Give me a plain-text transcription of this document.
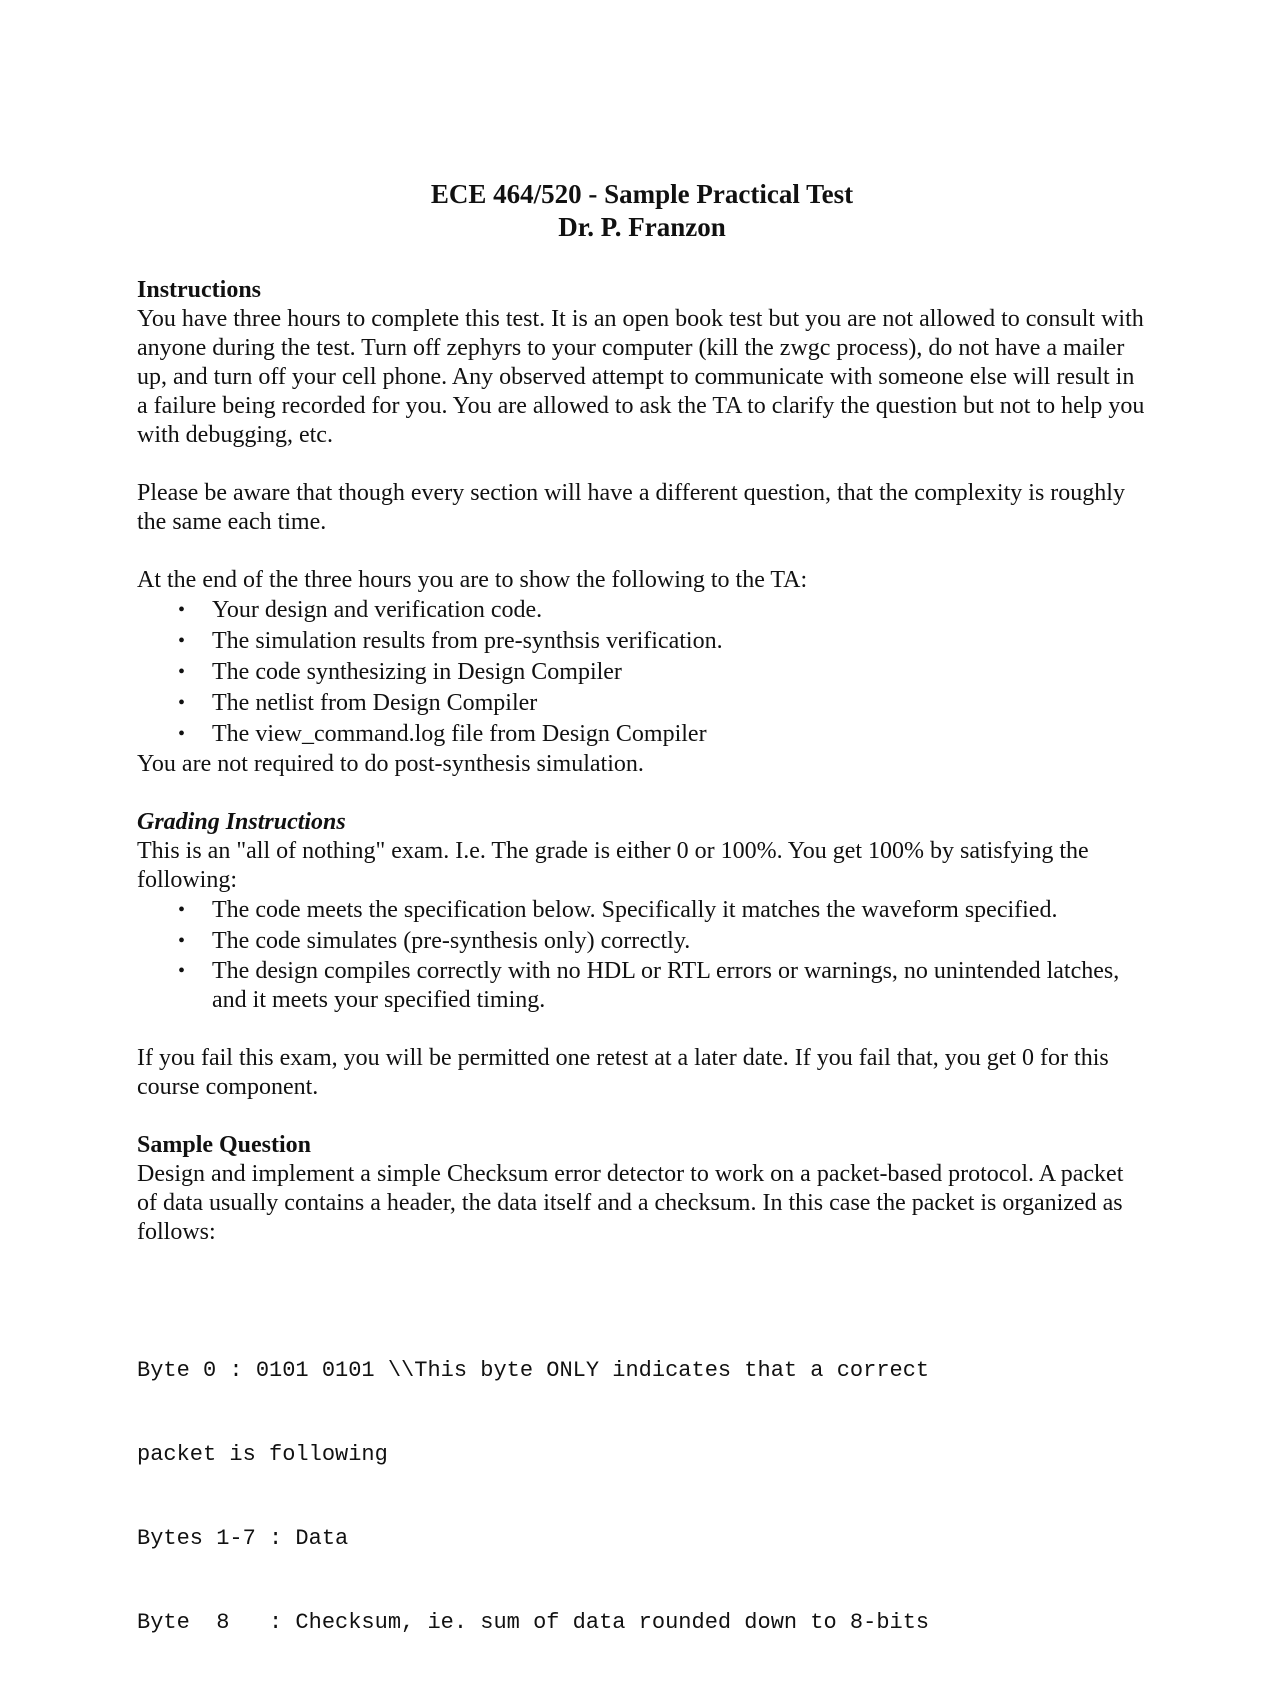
ECE 464/520 - Sample Practical Test
Dr. P. Franzon
Instructions

You have three hours to complete this test. It is an open book test but you are not allowed to consult with anyone during the test. Turn off zephyrs to your computer (kill the zwgc process), do not have a mailer up, and turn off your cell phone. Any observed attempt to communicate with someone else will result in a failure being recorded for you. You are allowed to ask the TA to clarify the question but not to help you with debugging, etc.

Please be aware that though every section will have a different question, that the complexity is roughly the same each time.

At the end of the three hours you are to show the following to the TA:

• Your design and verification code.
• The simulation results from pre-synthsis verification.
• The code synthesizing in Design Compiler
• The netlist from Design Compiler
• The view_command.log file from Design Compiler

You are not required to do post-synthesis simulation.

Grading Instructions

This is an "all of nothing" exam. I.e. The grade is either 0 or 100%. You get 100% by satisfying the following:

• The code meets the specification below. Specifically it matches the waveform specified.
• The code simulates (pre-synthesis only) correctly.
• The design compiles correctly with no HDL or RTL errors or warnings, no unintended latches, and it meets your specified timing.

If you fail this exam, you will be permitted one retest at a later date. If you fail that, you get 0 for this course component.

Sample Question

Design and implement a simple Checksum error detector to work on a packet-based protocol. A packet of data usually contains a header, the data itself and a checksum. In this case the packet is organized as follows:

Byte 0 : 0101 0101 \\This byte ONLY indicates that a correct

packet is following

Bytes 1-7 : Data

Byte  8   : Checksum, ie. sum of data rounded down to 8-bits
